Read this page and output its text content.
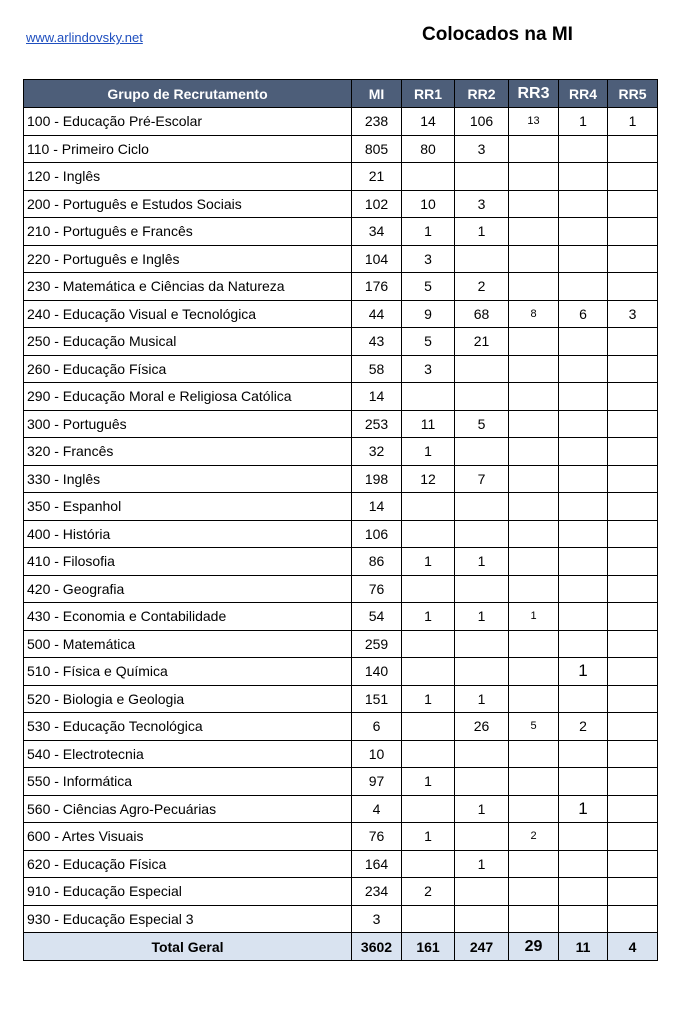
www.arlindovsky.net	Colocados na MI
Grupo de Recrutamento	MI	RR1	RR2	RR3	RR4	RR5
100 - Educação Pré-Escolar	238	14	106	13	1	1
110 - Primeiro Ciclo	805	80	3			
120 - Inglês	21					
200 - Português e Estudos Sociais	102	10	3			
210 - Português e Francês	34	1	1			
220 - Português e Inglês	104	3				
230 - Matemática e Ciências da Natureza	176	5	2			
240 - Educação Visual e Tecnológica	44	9	68	8	6	3
250 - Educação Musical	43	5	21			
260 - Educação Física	58	3				
290 - Educação Moral e Religiosa Católica	14					
300 - Português	253	11	5			
320 - Francês	32	1				
330 - Inglês	198	12	7			
350 - Espanhol	14					
400 - História	106					
410 - Filosofia	86	1	1			
420 - Geografia	76					
430 - Economia e Contabilidade	54	1	1	1		
500 - Matemática	259					
510 - Física e Química	140				1	
520 - Biologia e Geologia	151	1	1			
530 - Educação Tecnológica	6		26	5	2	
540 - Electrotecnia	10					
550 - Informática	97	1				
560 - Ciências Agro-Pecuárias	4		1		1	
600 - Artes Visuais	76	1		2		
620 - Educação Física	164		1			
910 - Educação Especial	234	2				
930 - Educação Especial 3	3					
Total Geral	3602	161	247	29	11	4
